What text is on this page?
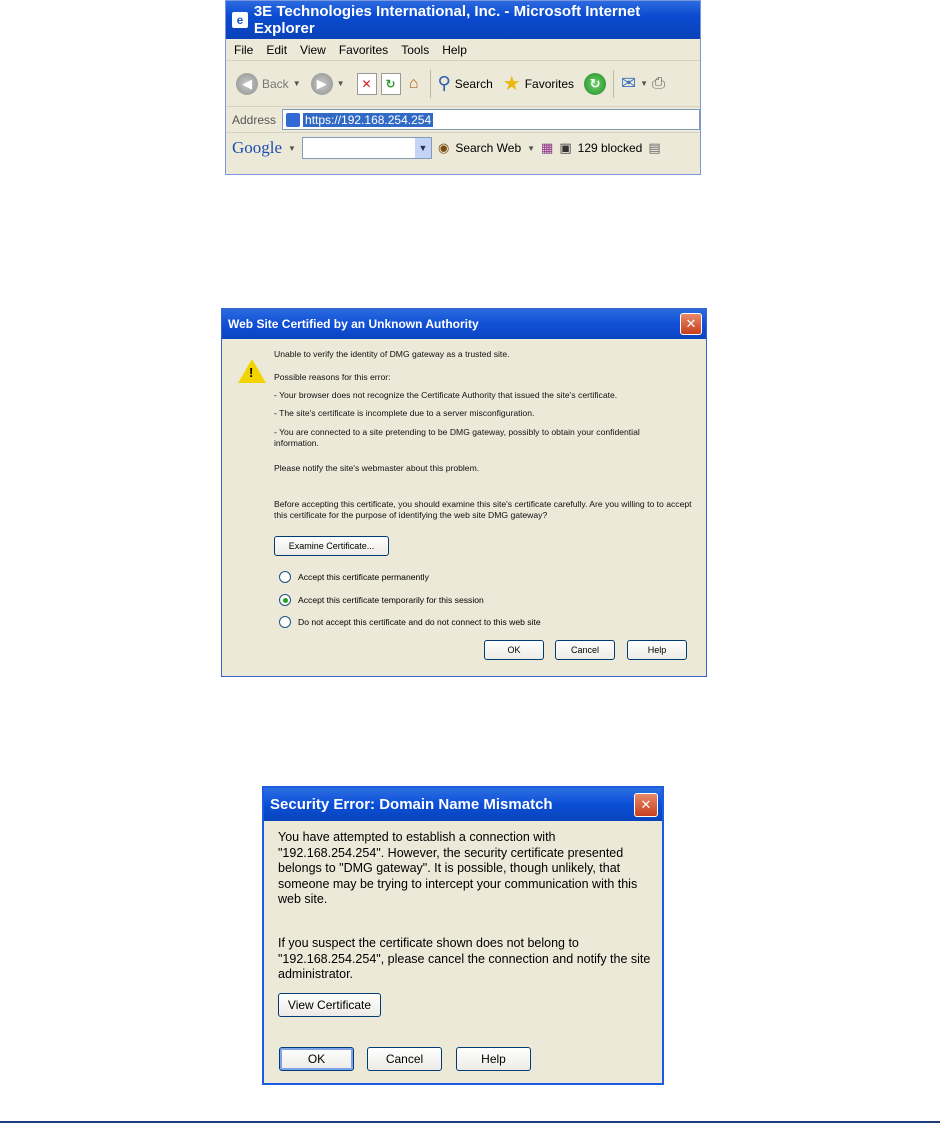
e 3E Technologies International, Inc. - Microsoft Internet Explorer
File Edit View Favorites Tools Help
◀ Back ▼	▶	▼	✕	↻ ⌂ ⚲ Search ★ Favorites	↻	✉ ▼ ⎙
Address https://192.168.254.254
Google ▼	▼ ◉ Search Web ▼ ▦ ▣ 129 blocked ▤
Web Site Certified by an Unknown Authority	✕
!
Unable to verify the identity of DMG gateway as a trusted site.
Possible reasons for this error:
- Your browser does not recognize the Certificate Authority that issued the site's certificate.
- The site's certificate is incomplete due to a server misconfiguration.
- You are connected to a site pretending to be DMG gateway, possibly to obtain your confidential information.
Please notify the site's webmaster about this problem.
Before accepting this certificate, you should examine this site's certificate carefully. Are you willing to to accept this certificate for the purpose of identifying the web site DMG gateway?
Examine Certificate...
Accept this certificate permanently
Accept this certificate temporarily for this session
Do not accept this certificate and do not connect to this web site
OK	Cancel	Help
Security Error: Domain Name Mismatch	✕
You have attempted to establish a connection with "192.168.254.254". However, the security certificate presented belongs to "DMG gateway". It is possible, though unlikely, that someone may be trying to intercept your communication with this web site.
If you suspect the certificate shown does not belong to "192.168.254.254", please cancel the connection and notify the site administrator.
View Certificate
OK	Cancel	Help
